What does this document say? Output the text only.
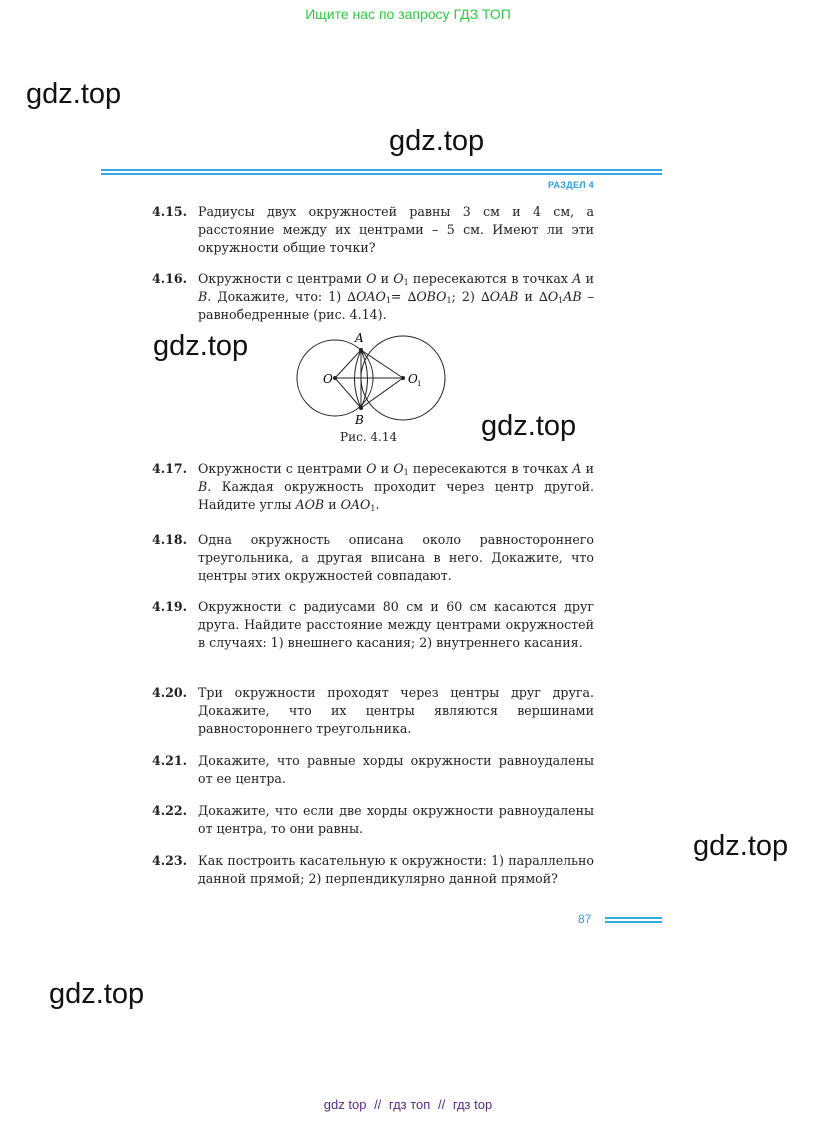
Ищите нас по запросу ГДЗ ТОП
gdz.top
gdz.top
gdz.top
gdz.top
gdz.top
gdz.top
РАЗДЕЛ 4
4.15. Радиусы двух окружностей равны 3 см и 4 см, а расстояние между их центрами – 5 см. Имеют ли эти окружности общие точки?
4.16. Окружности с центрами O и $O_1$ пересекаются в точках A и B. Докажите, что: 1) $\Delta OAO_1= \Delta OBO_1$; 2) ∆OAB и $\Delta O_1AB$ – равнобедренные (рис. 4.14).
A
B
O	O 1
Рис. 4.14
4.17. Окружности с центрами O и $O_1$ пересекаются в точках A и B. Каждая окружность проходит через центр другой. Найдите углы AOB и $OAO_1$.
4.18. Одна окружность описана около равностороннего треугольника, а другая вписана в него. Докажите, что центры этих окружностей совпадают.
4.19. Окружности с радиусами 80 см и 60 см касаются друг друга. Найдите расстояние между центрами окружностей в случаях: 1) внешнего касания; 2) внутреннего касания.
4.20. Три окружности проходят через центры друг друга. Докажите, что их центры являются вершинами равностороннего треугольника.
4.21. Докажите, что равные хорды окружности равноудалены от ее центра.
4.22. Докажите, что если две хорды окружности равноудалены от центра, то они равны.
4.23. Как построить касательную к окружности: 1) параллельно данной прямой; 2) перпендикулярно данной прямой?
87
gdz top // гдз топ // гдз top
